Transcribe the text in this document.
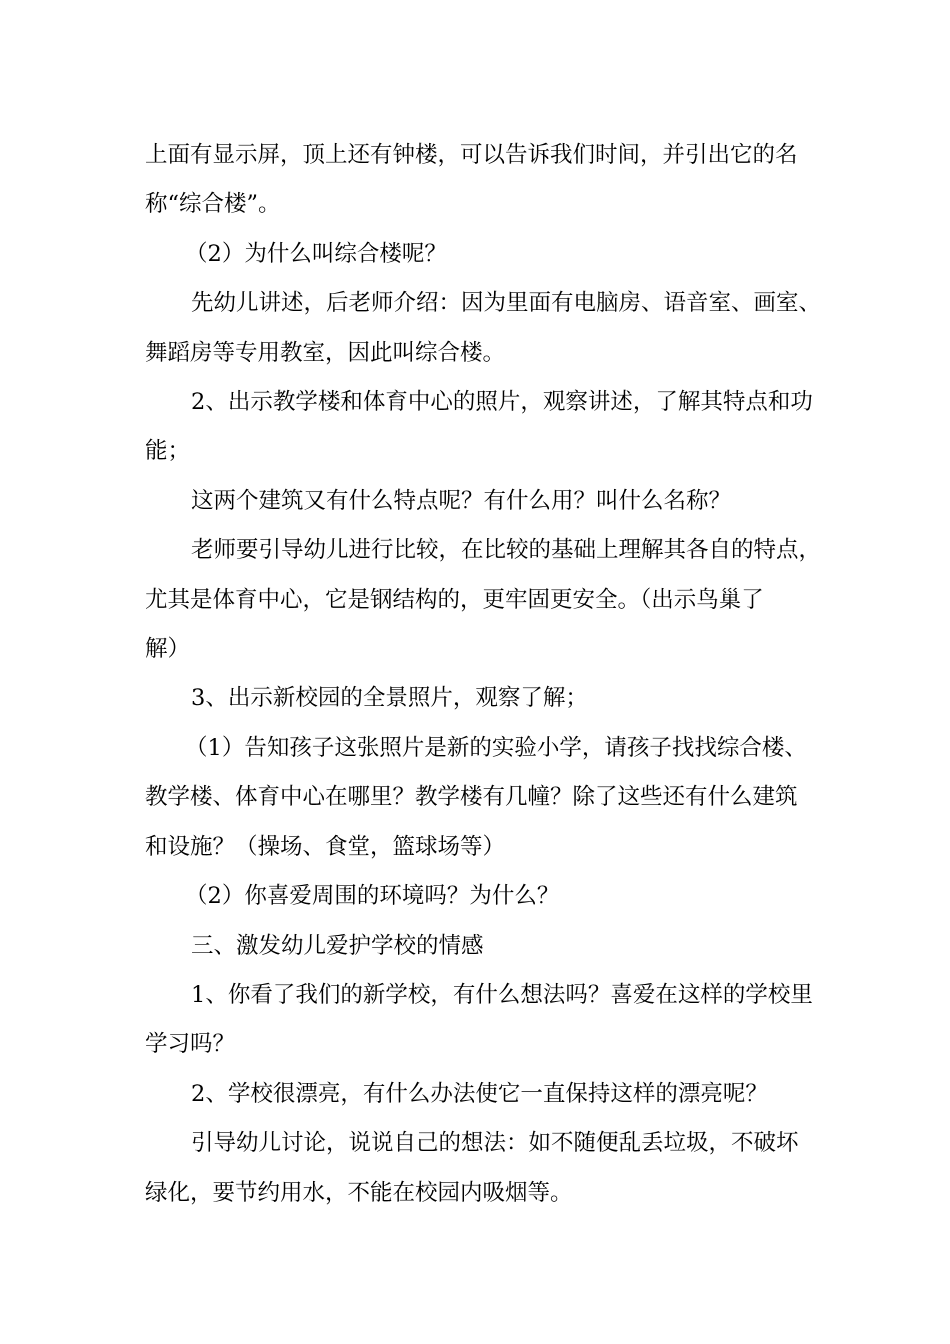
上面有显示屏，顶上还有钟楼，可以告诉我们时间，并引出它的名

称“综合楼”。

（2）为什么叫综合楼呢？

先幼儿讲述，后老师介绍：因为里面有电脑房、语音室、画室、

舞蹈房等专用教室，因此叫综合楼。

2、出示教学楼和体育中心的照片，观察讲述，了解其特点和功

能；

这两个建筑又有什么特点呢？有什么用？叫什么名称？

老师要引导幼儿进行比较，在比较的基础上理解其各自的特点，

尤其是体育中心，它是钢结构的，更牢固更安全。（出示鸟巢了

解）

3、出示新校园的全景照片，观察了解；

（1）告知孩子这张照片是新的实验小学，请孩子找找综合楼、

教学楼、体育中心在哪里？教学楼有几幢？除了这些还有什么建筑

和设施？（操场、食堂，篮球场等）

（2）你喜爱周围的环境吗？为什么？

三、激发幼儿爱护学校的情感

1、你看了我们的新学校，有什么想法吗？喜爱在这样的学校里

学习吗？

2、学校很漂亮，有什么办法使它一直保持这样的漂亮呢？

引导幼儿讨论，说说自己的想法：如不随便乱丢垃圾，不破坏

绿化，要节约用水，不能在校园内吸烟等。
